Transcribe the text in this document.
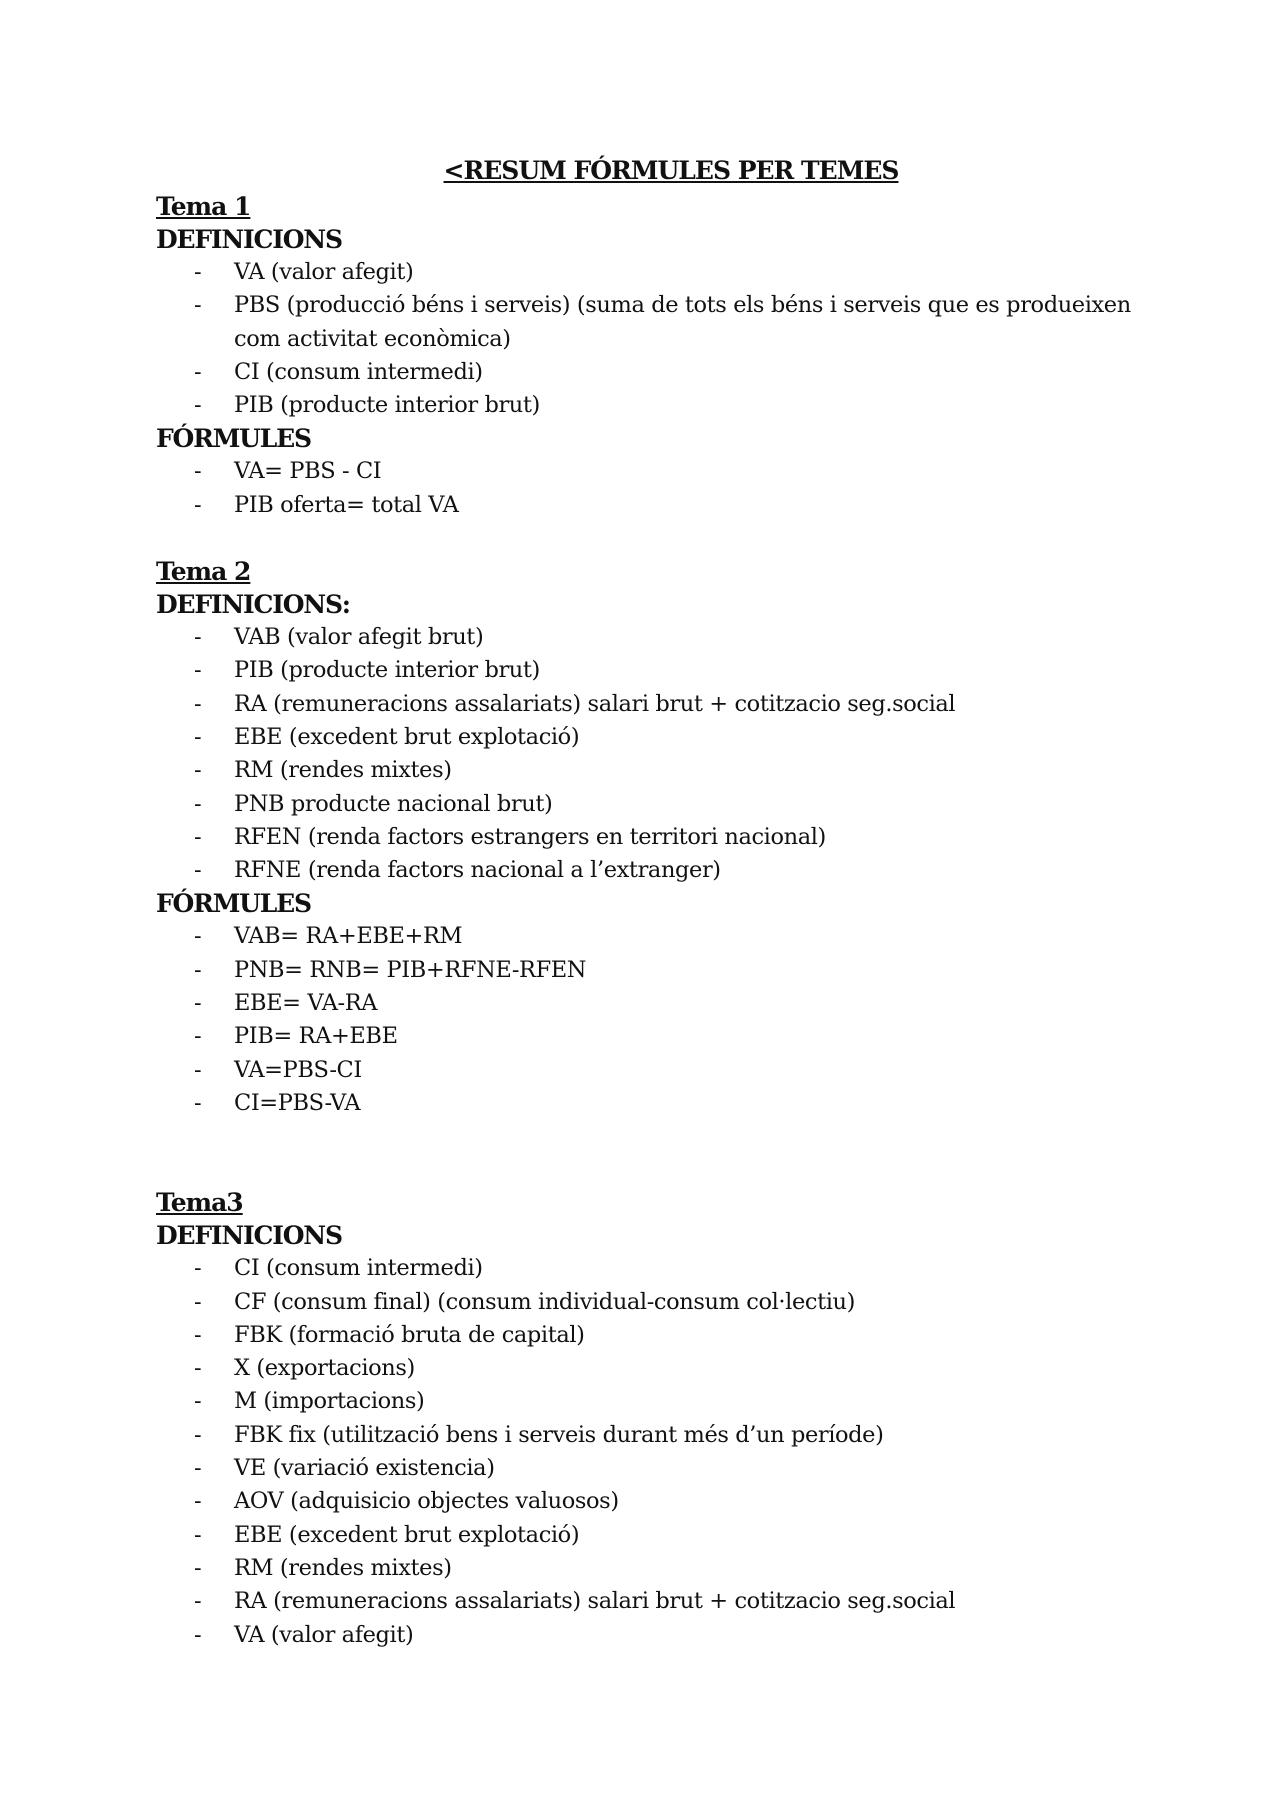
<RESUM FÓRMULES PER TEMES
Tema 1
DEFINICIONS
- VA (valor afegit)
- PBS (producció béns i serveis) (suma de tots els béns i serveis que es produeixen com activitat econòmica)
- CI (consum intermedi)
- PIB (producte interior brut)
FÓRMULES
- VA= PBS - CI
- PIB oferta= total VA
Tema 2
DEFINICIONS:
- VAB (valor afegit brut)
- PIB (producte interior brut)
- RA (remuneracions assalariats) salari brut + cotitzacio seg.social
- EBE (excedent brut explotació)
- RM (rendes mixtes)
- PNB producte nacional brut)
- RFEN (renda factors estrangers en territori nacional)
- RFNE (renda factors nacional a l’extranger)
FÓRMULES
- VAB= RA+EBE+RM
- PNB= RNB= PIB+RFNE-RFEN
- EBE= VA-RA
- PIB= RA+EBE
- VA=PBS-CI
- CI=PBS-VA
Tema3
DEFINICIONS
- CI (consum intermedi)
- CF (consum final) (consum individual-consum col·lectiu)
- FBK (formació bruta de capital)
- X (exportacions)
- M (importacions)
- FBK fix (utilització bens i serveis durant més d’un període)
- VE (variació existencia)
- AOV (adquisicio objectes valuosos)
- EBE (excedent brut explotació)
- RM (rendes mixtes)
- RA (remuneracions assalariats) salari brut + cotitzacio seg.social
- VA (valor afegit)
